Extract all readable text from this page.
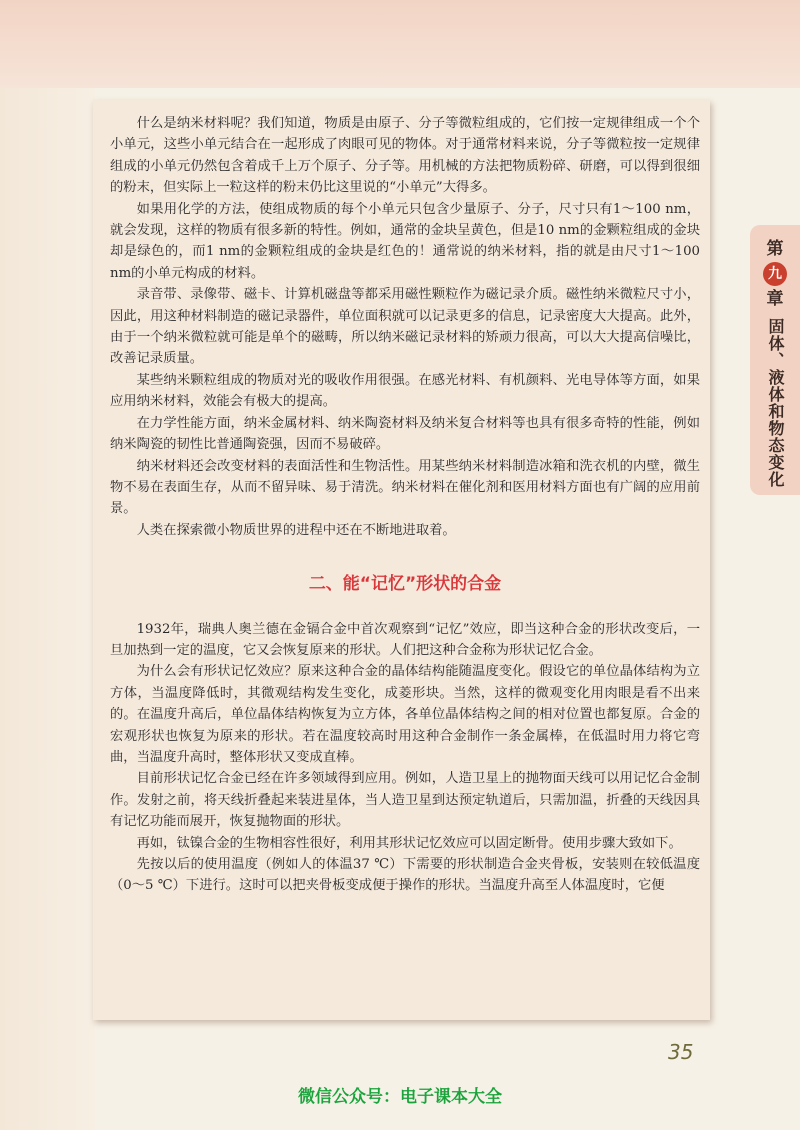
第
九
章
固体、液体和物态变化

什么是纳米材料呢？我们知道，物质是由原子、分子等微粒组成的，它们按一定规律组成一个个小单元，这些小单元结合在一起形成了肉眼可见的物体。对于通常材料来说，分子等微粒按一定规律组成的小单元仍然包含着成千上万个原子、分子等。用机械的方法把物质粉碎、研磨，可以得到很细的粉末，但实际上一粒这样的粉末仍比这里说的“小单元”大得多。

如果用化学的方法，使组成物质的每个小单元只包含少量原子、分子，尺寸只有1～100 nm，就会发现，这样的物质有很多新的特性。例如，通常的金块呈黄色，但是10 nm的金颗粒组成的金块却是绿色的，而1 nm的金颗粒组成的金块是红色的！通常说的纳米材料，指的就是由尺寸1～100 nm的小单元构成的材料。

录音带、录像带、磁卡、计算机磁盘等都采用磁性颗粒作为磁记录介质。磁性纳米微粒尺寸小，因此，用这种材料制造的磁记录器件，单位面积就可以记录更多的信息，记录密度大大提高。此外，由于一个纳米微粒就可能是单个的磁畴，所以纳米磁记录材料的矫顽力很高，可以大大提高信噪比，改善记录质量。

某些纳米颗粒组成的物质对光的吸收作用很强。在感光材料、有机颜料、光电导体等方面，如果应用纳米材料，效能会有极大的提高。

在力学性能方面，纳米金属材料、纳米陶瓷材料及纳米复合材料等也具有很多奇特的性能，例如纳米陶瓷的韧性比普通陶瓷强，因而不易破碎。

纳米材料还会改变材料的表面活性和生物活性。用某些纳米材料制造冰箱和洗衣机的内壁，微生物不易在表面生存，从而不留异味、易于清洗。纳米材料在催化剂和医用材料方面也有广阔的应用前景。

人类在探索微小物质世界的进程中还在不断地进取着。

二、能“记忆”形状的合金

1932年，瑞典人奥兰德在金镉合金中首次观察到“记忆”效应，即当这种合金的形状改变后，一旦加热到一定的温度，它又会恢复原来的形状。人们把这种合金称为形状记忆合金。

为什么会有形状记忆效应？原来这种合金的晶体结构能随温度变化。假设它的单位晶体结构为立方体，当温度降低时，其微观结构发生变化，成菱形块。当然，这样的微观变化用肉眼是看不出来的。在温度升高后，单位晶体结构恢复为立方体，各单位晶体结构之间的相对位置也都复原。合金的宏观形状也恢复为原来的形状。若在温度较高时用这种合金制作一条金属棒，在低温时用力将它弯曲，当温度升高时，整体形状又变成直棒。

目前形状记忆合金已经在许多领域得到应用。例如，人造卫星上的抛物面天线可以用记忆合金制作。发射之前，将天线折叠起来装进星体，当人造卫星到达预定轨道后，只需加温，折叠的天线因具有记忆功能而展开，恢复抛物面的形状。

再如，钛镍合金的生物相容性很好，利用其形状记忆效应可以固定断骨。使用步骤大致如下。

先按以后的使用温度（例如人的体温37 ℃）下需要的形状制造合金夹骨板，安装则在较低温度（0～5 ℃）下进行。这时可以把夹骨板变成便于操作的形状。当温度升高至人体温度时，它便

35
微信公众号：电子课本大全
